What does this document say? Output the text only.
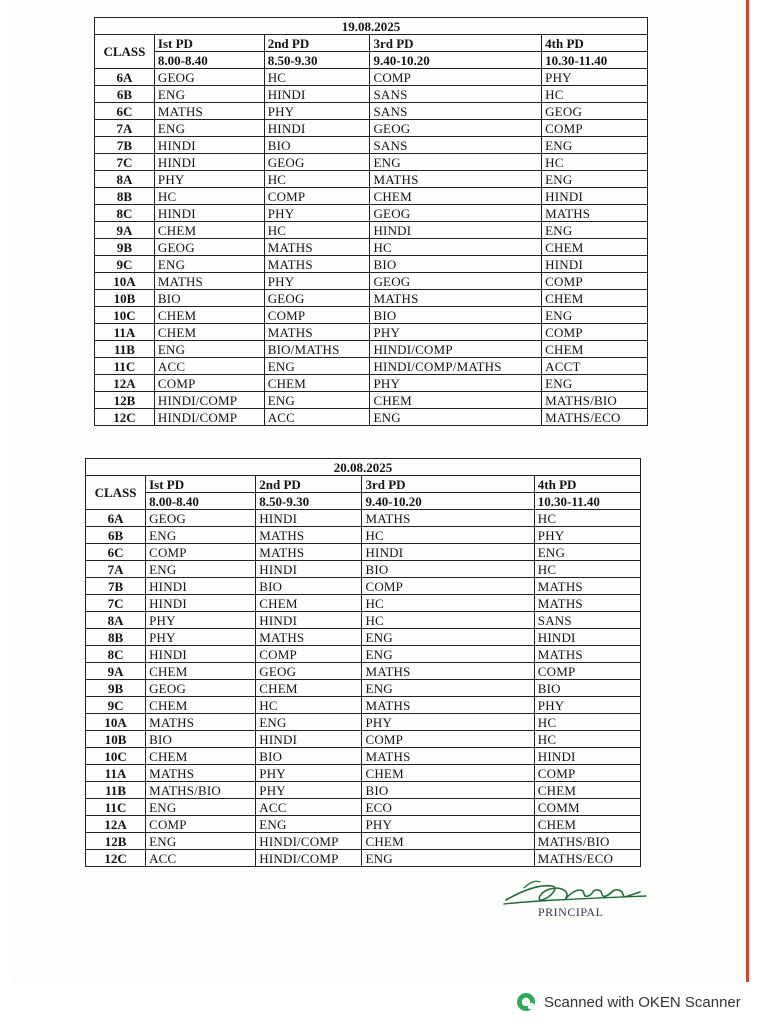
19.08.2025				
CLASS	Ist PD	2nd PD	3rd PD	4th PD
	8.00-8.40	8.50-9.30	9.40-10.20	10.30-11.40
6A	GEOG	HC	COMP	PHY
6B	ENG	HINDI	SANS	HC
6C	MATHS	PHY	SANS	GEOG
7A	ENG	HINDI	GEOG	COMP
7B	HINDI	BIO	SANS	ENG
7C	HINDI	GEOG	ENG	HC
8A	PHY	HC	MATHS	ENG
8B	HC	COMP	CHEM	HINDI
8C	HINDI	PHY	GEOG	MATHS
9A	CHEM	HC	HINDI	ENG
9B	GEOG	MATHS	HC	CHEM
9C	ENG	MATHS	BIO	HINDI
10A	MATHS	PHY	GEOG	COMP
10B	BIO	GEOG	MATHS	CHEM
10C	CHEM	COMP	BIO	ENG
11A	CHEM	MATHS	PHY	COMP
11B	ENG	BIO/MATHS	HINDI/COMP	CHEM
11C	ACC	ENG	HINDI/COMP/MATHS	ACCT
12A	COMP	CHEM	PHY	ENG
12B	HINDI/COMP	ENG	CHEM	MATHS/BIO
12C	HINDI/COMP	ACC	ENG	MATHS/ECO
20.08.2025				
CLASS	Ist PD	2nd PD	3rd PD	4th PD
	8.00-8.40	8.50-9.30	9.40-10.20	10.30-11.40
6A	GEOG	HINDI	MATHS	HC
6B	ENG	MATHS	HC	PHY
6C	COMP	MATHS	HINDI	ENG
7A	ENG	HINDI	BIO	HC
7B	HINDI	BIO	COMP	MATHS
7C	HINDI	CHEM	HC	MATHS
8A	PHY	HINDI	HC	SANS
8B	PHY	MATHS	ENG	HINDI
8C	HINDI	COMP	ENG	MATHS
9A	CHEM	GEOG	MATHS	COMP
9B	GEOG	CHEM	ENG	BIO
9C	CHEM	HC	MATHS	PHY
10A	MATHS	ENG	PHY	HC
10B	BIO	HINDI	COMP	HC
10C	CHEM	BIO	MATHS	HINDI
11A	MATHS	PHY	CHEM	COMP
11B	MATHS/BIO	PHY	BIO	CHEM
11C	ENG	ACC	ECO	COMM
12A	COMP	ENG	PHY	CHEM
12B	ENG	HINDI/COMP	CHEM	MATHS/BIO
12C	ACC	HINDI/COMP	ENG	MATHS/ECO
PRINCIPAL
Scanned with OKEN Scanner
